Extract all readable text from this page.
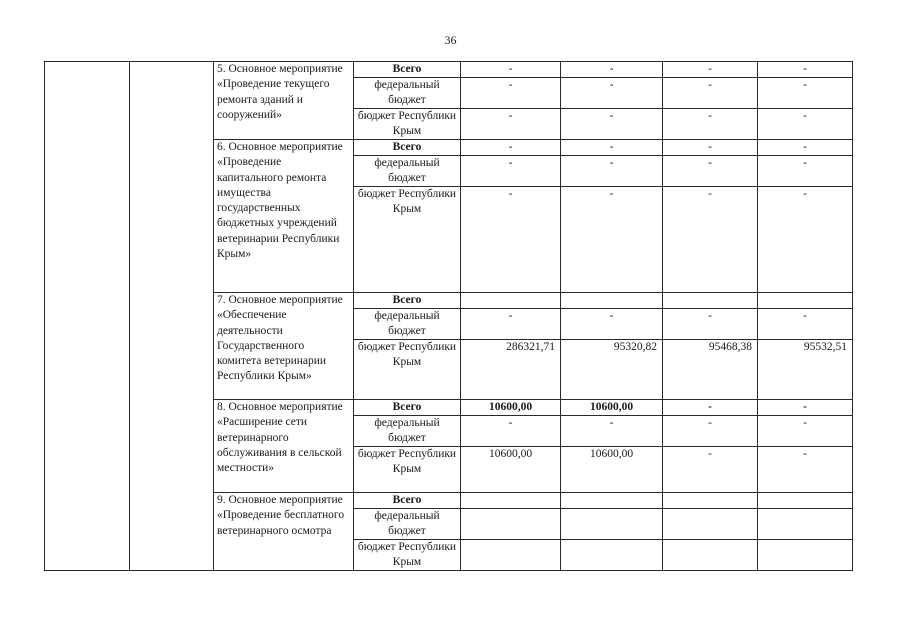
36
		5. Основное мероприятие «Проведение текущего ремонта зданий и сооружений»	Всего	-	-	-	-
			федеральный бюджет	-	-	-	-
			бюджет Республики Крым	-	-	-	-
		6. Основное мероприятие «Проведение капитального ремонта имущества государственных бюджетных учреждений ветеринарии Республики Крым»	Всего	-	-	-	-
			федеральный бюджет	-	-	-	-
			бюджет Республики Крым	-	-	-	-
		7. Основное мероприятие «Обеспечение деятельности Государственного комитета ветеринарии Республики Крым»	Всего				
			федеральный бюджет	-	-	-	-
			бюджет Республики Крым	286321,71	95320,82	95468,38	95532,51
		8. Основное мероприятие «Расширение сети ветеринарного обслуживания в сельской местности»	Всего	10600,00	10600,00	-	-
			федеральный бюджет	-	-	-	-
			бюджет Республики Крым	10600,00	10600,00	-	-
		9. Основное мероприятие «Проведение бесплатного ветеринарного осмотра	Всего				
			федеральный бюджет				
			бюджет Республики Крым				
